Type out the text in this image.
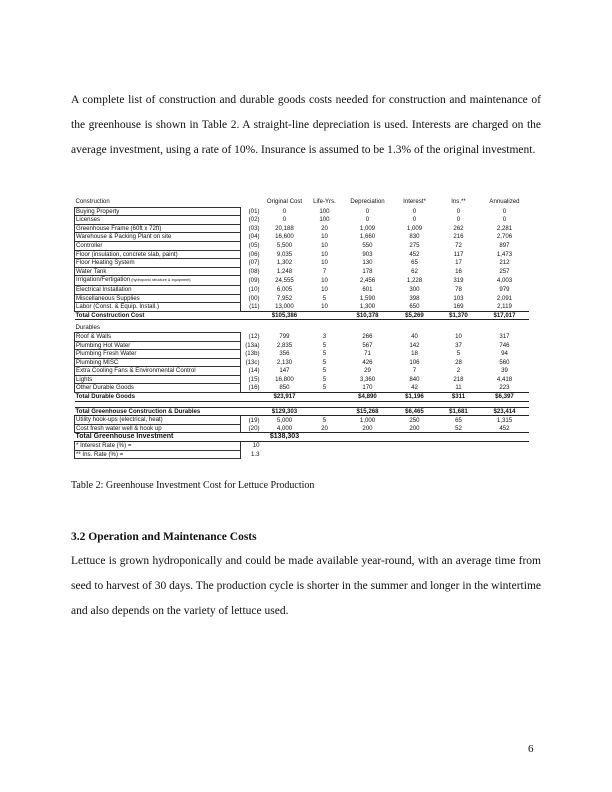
A complete list of construction and durable goods costs needed for construction and maintenance of the greenhouse is shown in Table 2. A straight-line depreciation is used. Interests are charged on the average investment, using a rate of 10%. Insurance is assumed to be 1.3% of the original investment.

Construction		Original Cost	Life-Yrs.	Depreciation	Interest*	Ins.**	Annualized
Buying Property	(01)	0	100	0	0	0	0
Licenses	(02)	0	100	0	0	0	0
Greenhouse Frame (60ft x 72ft)	(03)	20,188	20	1,009	1,009	262	2,281
Warehouse & Packing Plant on site	(04)	16,600	10	1,660	830	216	2,706
Controller	(05)	5,500	10	550	275	72	897
Floor (insulation, concrete slab, paint)	(06)	9,035	10	903	452	117	1,473
Floor Heating System	(07)	1,302	10	130	65	17	212
Water Tank	(08)	1,248	7	178	62	16	257
Irrigation/Fertigation (hydroponic structure & equipment)	(09)	24,555	10	2,456	1,228	319	4,003
Electrical Installation	(10)	6,005	10	601	300	78	979
Miscellaneous Supplies	(00)	7,952	5	1,590	398	103	2,091
Labor (Const. & Equip. Install.)	(11)	13,000	10	1,300	650	169	2,119
Total Construction Cost		$105,386		$10,378	$5,269	$1,370	$17,017
Durables							
Roof & Walls	(12)	799	3	266	40	10	317
Plumbing Hot Water	(13a)	2,835	5	567	142	37	746
Plumbing Fresh Water	(13b)	356	5	71	18	5	94
Plumbing MISC	(13c)	2,130	5	426	106	28	560
Extra Cooling Fans & Environmental Control	(14)	147	5	29	7	2	39
Lights	(15)	16,800	5	3,360	840	218	4,418
Other Durable Goods	(16)	850	5	170	42	11	223
Total Durable Goods		$23,917		$4,890	$1,196	$311	$6,397

Total Greenhouse Construction & Durables		$129,303		$15,268	$6,465	$1,681	$23,414
Utility hook-ups (electrical, heat)	(19)	5,000	5	1,000	250	65	1,315
Cost fresh water well & hook up	(20)	4,000	20	200	200	52	452
Total Greenhouse Investment		$138,303					
* Interest Rate (%) =	10						
** Ins. Rate (%) =	1.3						

Table 2: Greenhouse Investment Cost for Lettuce Production

3.2 Operation and Maintenance Costs

Lettuce is grown hydroponically and could be made available year-round, with an average time from seed to harvest of 30 days. The production cycle is shorter in the summer and longer in the wintertime and also depends on the variety of lettuce used.

6
